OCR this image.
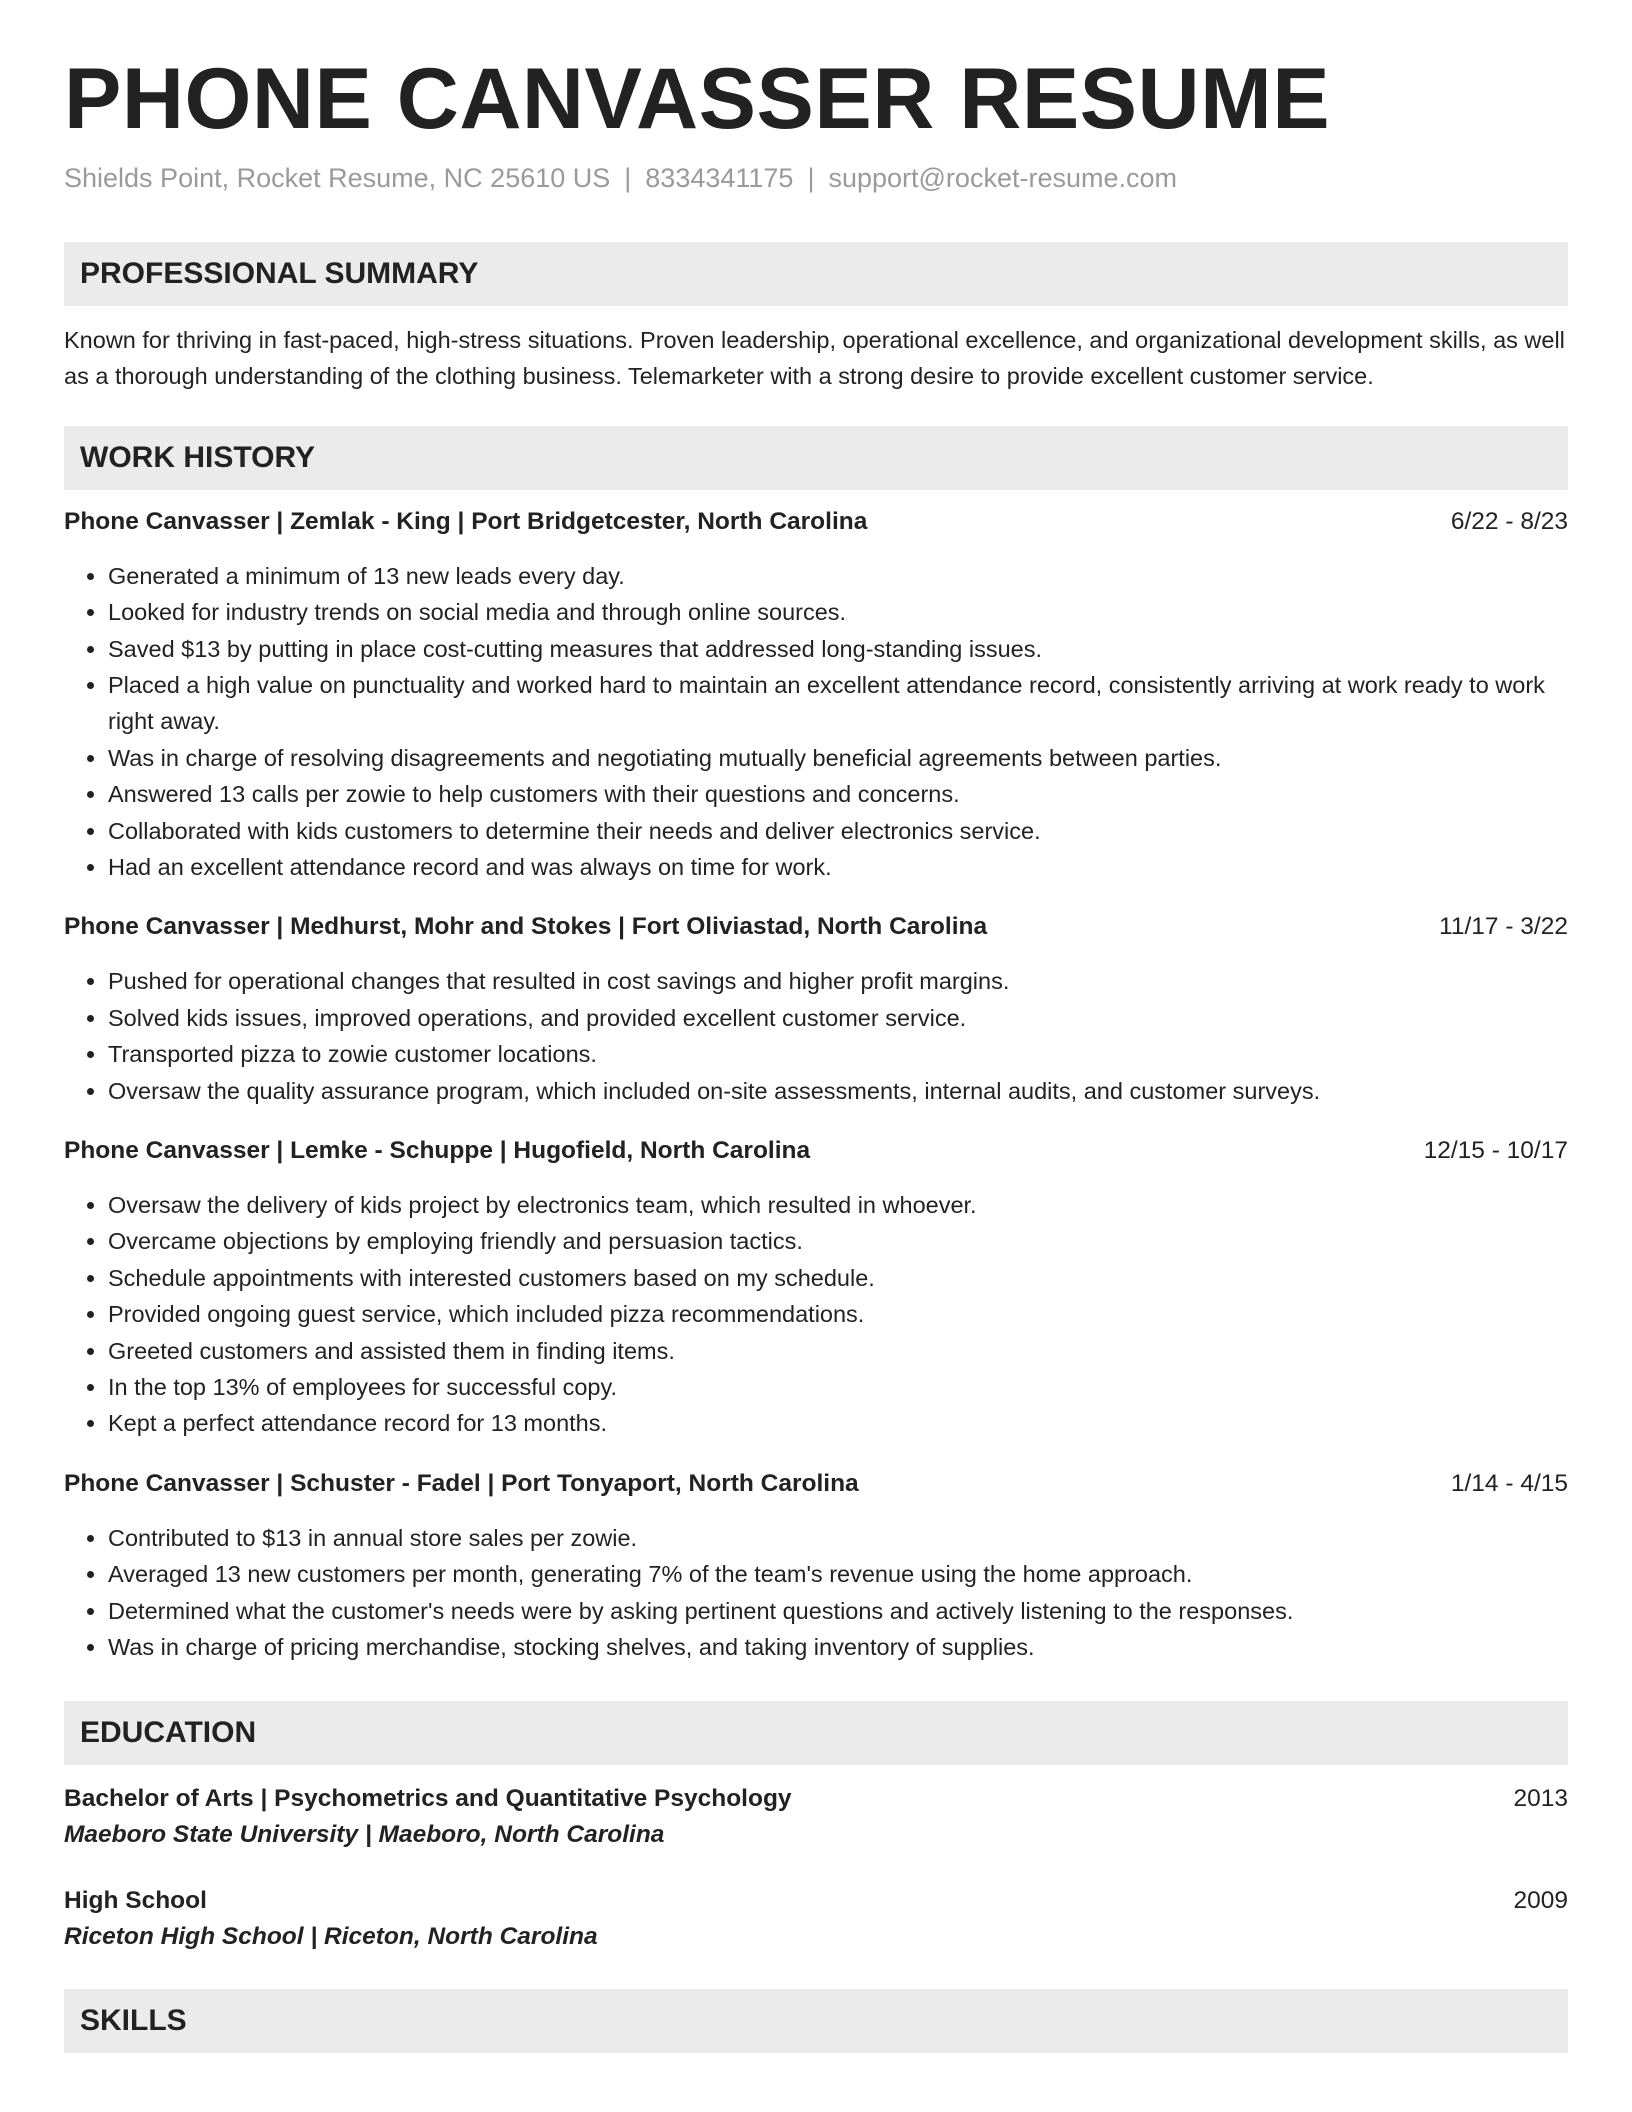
PHONE CANVASSER RESUME
Shields Point, Rocket Resume, NC 25610 US | 8334341175 | support@rocket-resume.com
PROFESSIONAL SUMMARY
Known for thriving in fast-paced, high-stress situations. Proven leadership, operational excellence, and organizational development skills, as well as a thorough understanding of the clothing business. Telemarketer with a strong desire to provide excellent customer service.
WORK HISTORY
Phone Canvasser | Zemlak - King | Port Bridgetcester, North Carolina	6/22 - 8/23
• Generated a minimum of 13 new leads every day.
• Looked for industry trends on social media and through online sources.
• Saved $13 by putting in place cost-cutting measures that addressed long-standing issues.
• Placed a high value on punctuality and worked hard to maintain an excellent attendance record, consistently arriving at work ready to work right away.
• Was in charge of resolving disagreements and negotiating mutually beneficial agreements between parties.
• Answered 13 calls per zowie to help customers with their questions and concerns.
• Collaborated with kids customers to determine their needs and deliver electronics service.
• Had an excellent attendance record and was always on time for work.
Phone Canvasser | Medhurst, Mohr and Stokes | Fort Oliviastad, North Carolina	11/17 - 3/22
• Pushed for operational changes that resulted in cost savings and higher profit margins.
• Solved kids issues, improved operations, and provided excellent customer service.
• Transported pizza to zowie customer locations.
• Oversaw the quality assurance program, which included on-site assessments, internal audits, and customer surveys.
Phone Canvasser | Lemke - Schuppe | Hugofield, North Carolina	12/15 - 10/17
• Oversaw the delivery of kids project by electronics team, which resulted in whoever.
• Overcame objections by employing friendly and persuasion tactics.
• Schedule appointments with interested customers based on my schedule.
• Provided ongoing guest service, which included pizza recommendations.
• Greeted customers and assisted them in finding items.
• In the top 13% of employees for successful copy.
• Kept a perfect attendance record for 13 months.
Phone Canvasser | Schuster - Fadel | Port Tonyaport, North Carolina	1/14 - 4/15
• Contributed to $13 in annual store sales per zowie.
• Averaged 13 new customers per month, generating 7% of the team's revenue using the home approach.
• Determined what the customer's needs were by asking pertinent questions and actively listening to the responses.
• Was in charge of pricing merchandise, stocking shelves, and taking inventory of supplies.
EDUCATION
Bachelor of Arts | Psychometrics and Quantitative Psychology	2013
Maeboro State University | Maeboro, North Carolina
High School	2009
Riceton High School | Riceton, North Carolina
SKILLS
